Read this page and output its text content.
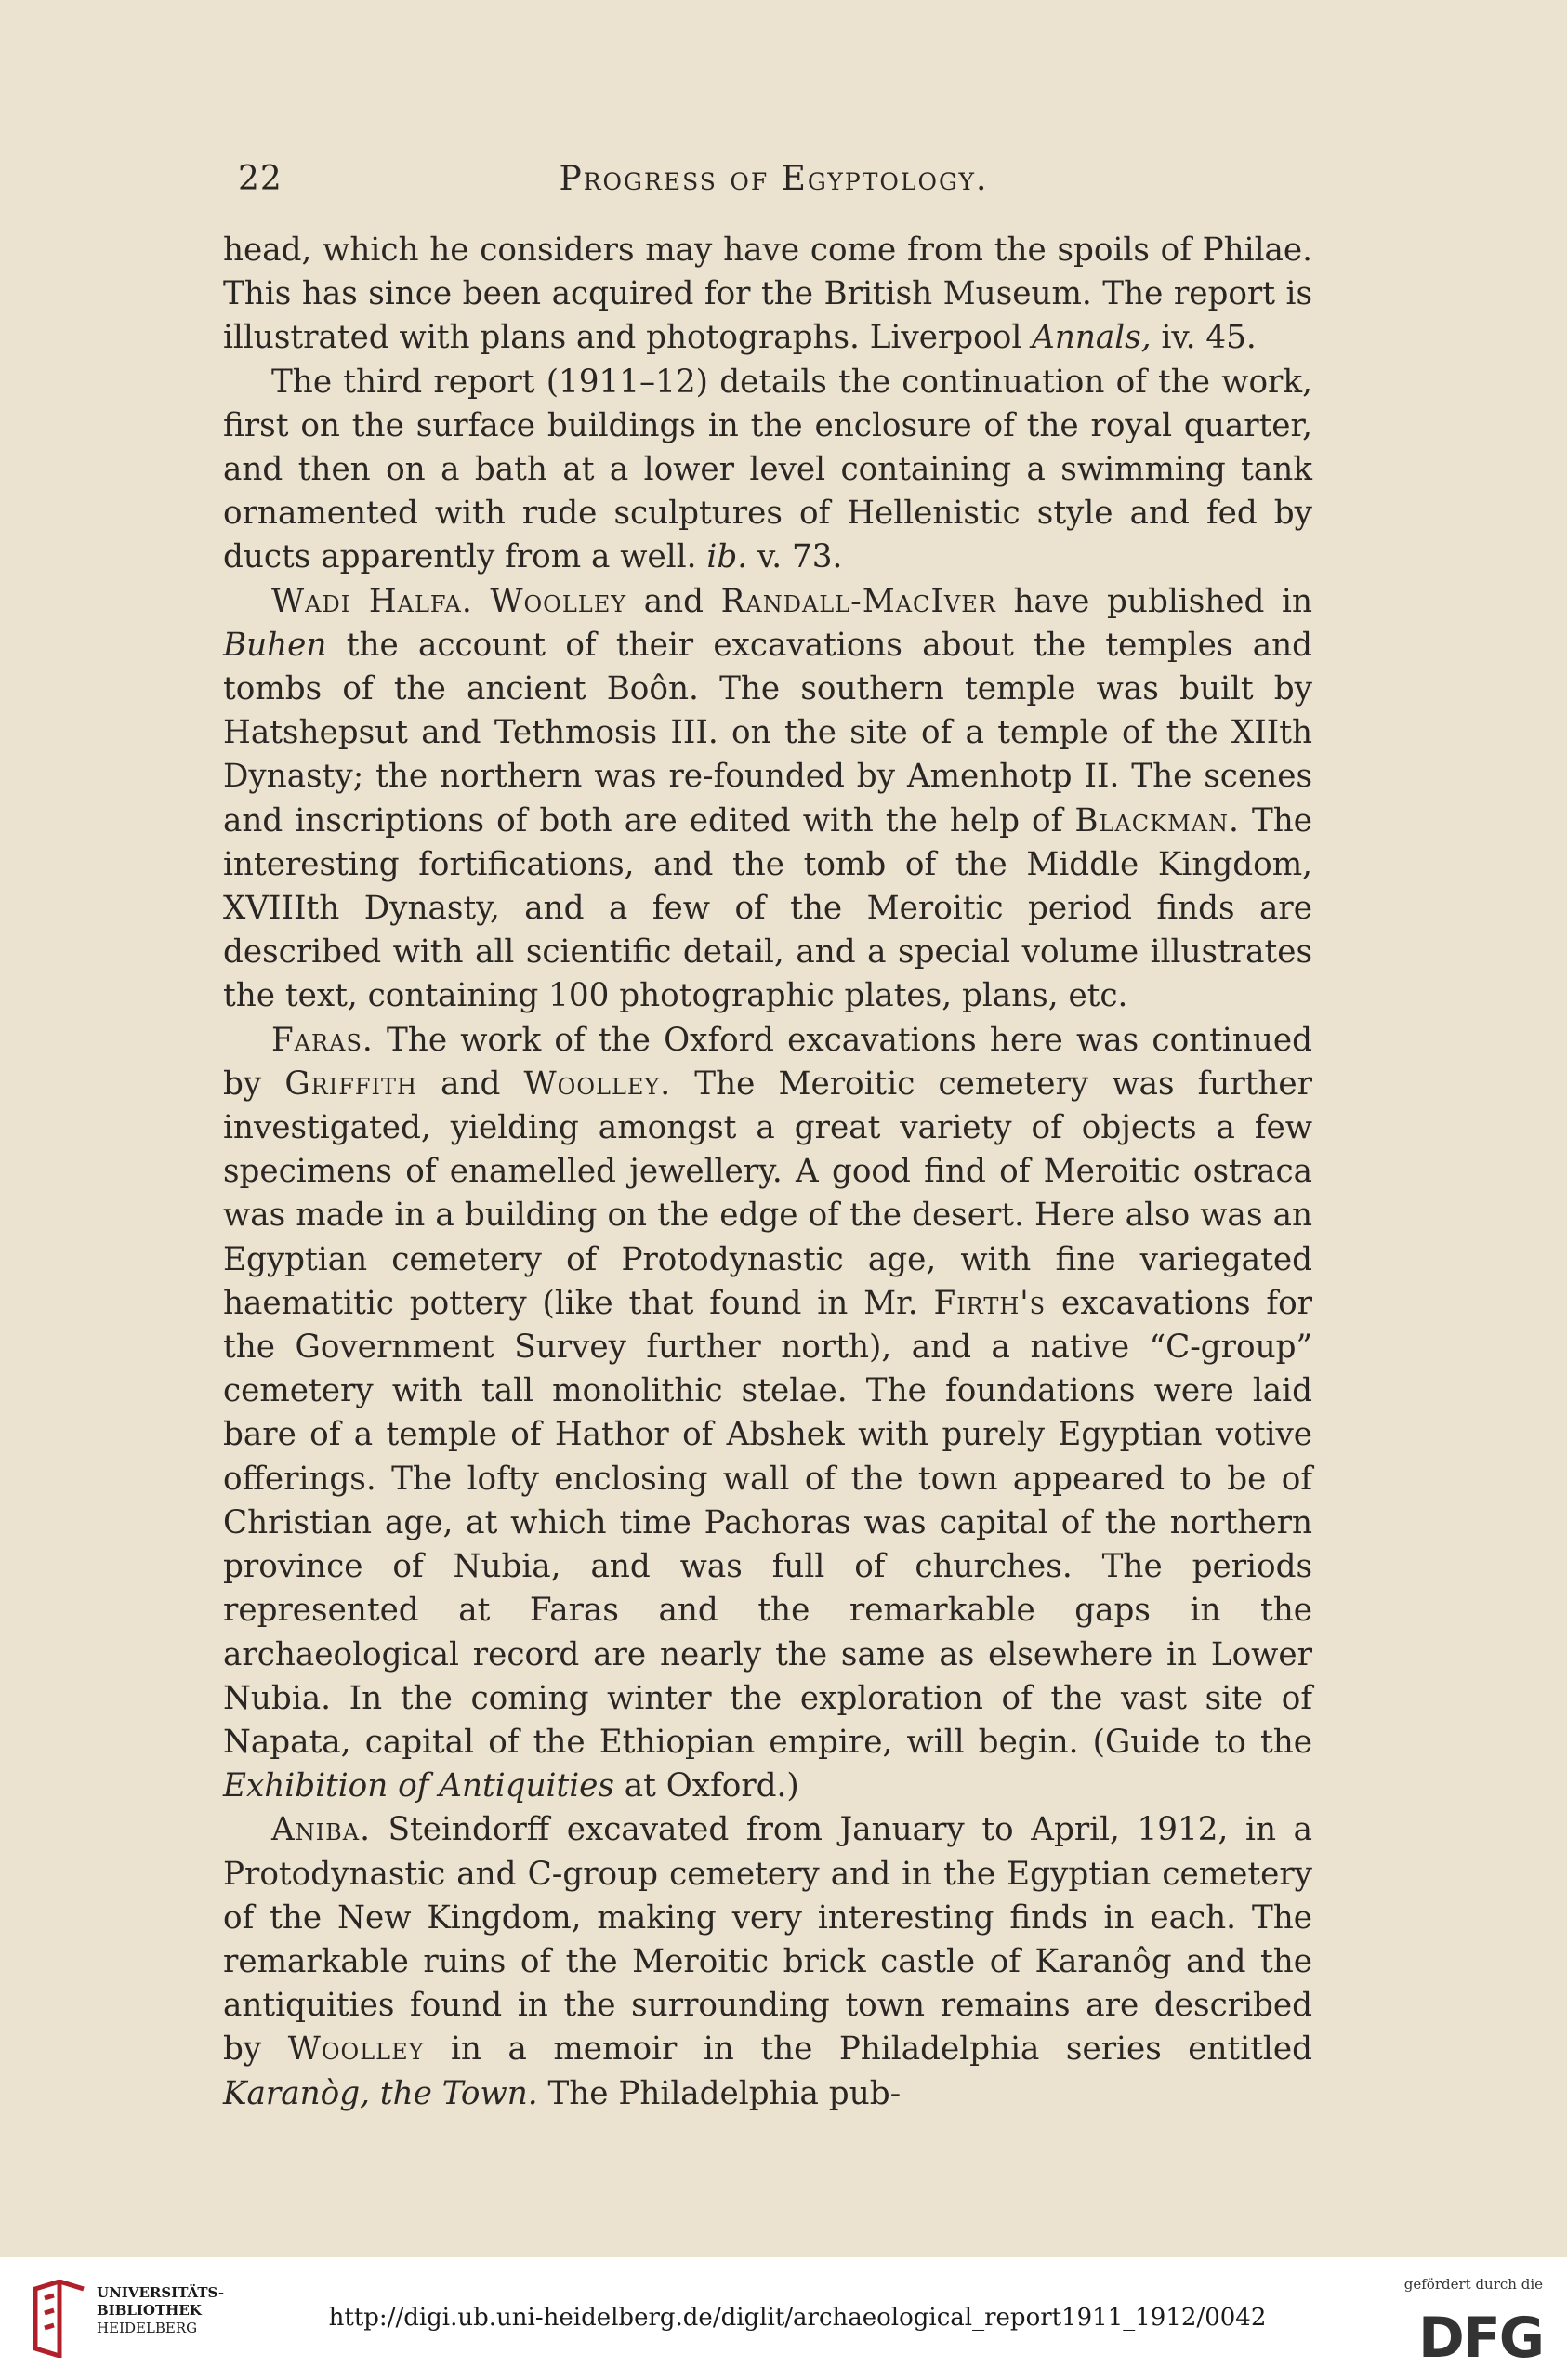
22	Progress of Egyptology.

head, which he considers may have come from the spoils of Philae. This has since been acquired for the British Museum. The report is illustrated with plans and photographs. Liverpool Annals, iv. 45.

The third report (1911–12) details the continuation of the work, first on the surface buildings in the enclosure of the royal quarter, and then on a bath at a lower level containing a swimming tank ornamented with rude sculptures of Hellenistic style and fed by ducts apparently from a well. ib. v. 73.

Wadi Halfa. Woolley and Randall-MacIver have published in Buhen the account of their excavations about the temples and tombs of the ancient Boôn. The southern temple was built by Hatshepsut and Tethmosis III. on the site of a temple of the XIIth Dynasty; the northern was re-founded by Amenhotp II. The scenes and inscriptions of both are edited with the help of Blackman. The interesting fortifications, and the tomb of the Middle Kingdom, XVIIIth Dynasty, and a few of the Meroitic period finds are described with all scientific detail, and a special volume illustrates the text, containing 100 photographic plates, plans, etc.

Faras. The work of the Oxford excavations here was continued by Griffith and Woolley. The Meroitic cemetery was further investigated, yielding amongst a great variety of objects a few specimens of enamelled jewellery. A good find of Meroitic ostraca was made in a building on the edge of the desert. Here also was an Egyptian cemetery of Protodynastic age, with fine variegated haematitic pottery (like that found in Mr. Firth's excavations for the Government Survey further north), and a native “C-group” cemetery with tall monolithic stelae. The foundations were laid bare of a temple of Hathor of Abshek with purely Egyptian votive offerings. The lofty enclosing wall of the town appeared to be of Christian age, at which time Pachoras was capital of the northern province of Nubia, and was full of churches. The periods represented at Faras and the remarkable gaps in the archaeological record are nearly the same as elsewhere in Lower Nubia. In the coming winter the exploration of the vast site of Napata, capital of the Ethiopian empire, will begin. (Guide to the Exhibition of Antiquities at Oxford.)

Aniba. Steindorff excavated from January to April, 1912, in a Protodynastic and C-group cemetery and in the Egyptian cemetery of the New Kingdom, making very interesting finds in each. The remarkable ruins of the Meroitic brick castle of Karanôg and the antiquities found in the surrounding town remains are described by Woolley in a memoir in the Philadelphia series entitled Karanòg, the Town. The Philadelphia pub-

UNIVERSITÄTS-
BIBLIOTHEK
HEIDELBERG	http://digi.ub.uni-heidelberg.de/diglit/archaeological_report1911_1912/0042
gefördert durch die
DFG
